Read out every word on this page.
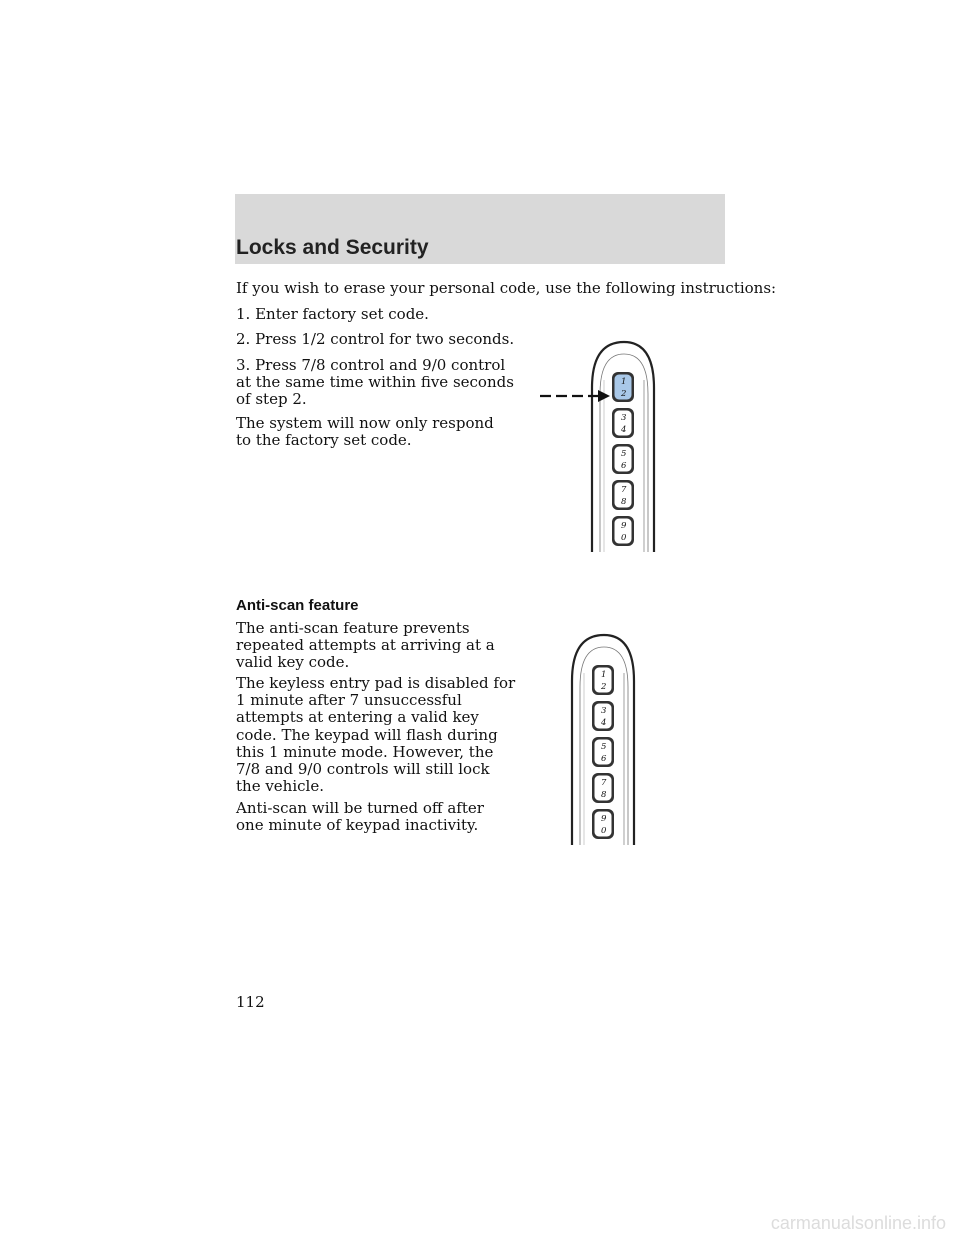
Locks and Security

If you wish to erase your personal code, use the following instructions:

1. Enter factory set code.

2. Press 1/2 control for two seconds.

3. Press 7/8 control and 9/0 control
at the same time within five seconds
of step 2.

The system will now only respond
to the factory set code.

1
2
3
4
5
6
7
8
9
0
Anti-scan feature

The anti-scan feature prevents
repeated attempts at arriving at a
valid key code.

The keyless entry pad is disabled for
1 minute after 7 unsuccessful
attempts at entering a valid key
code. The keypad will flash during
this 1 minute mode. However, the
7/8 and 9/0 controls will still lock
the vehicle.

Anti-scan will be turned off after
one minute of keypad inactivity.

1
2
3
4
5
6
7
8
9
0
112
carmanualsonline.info
